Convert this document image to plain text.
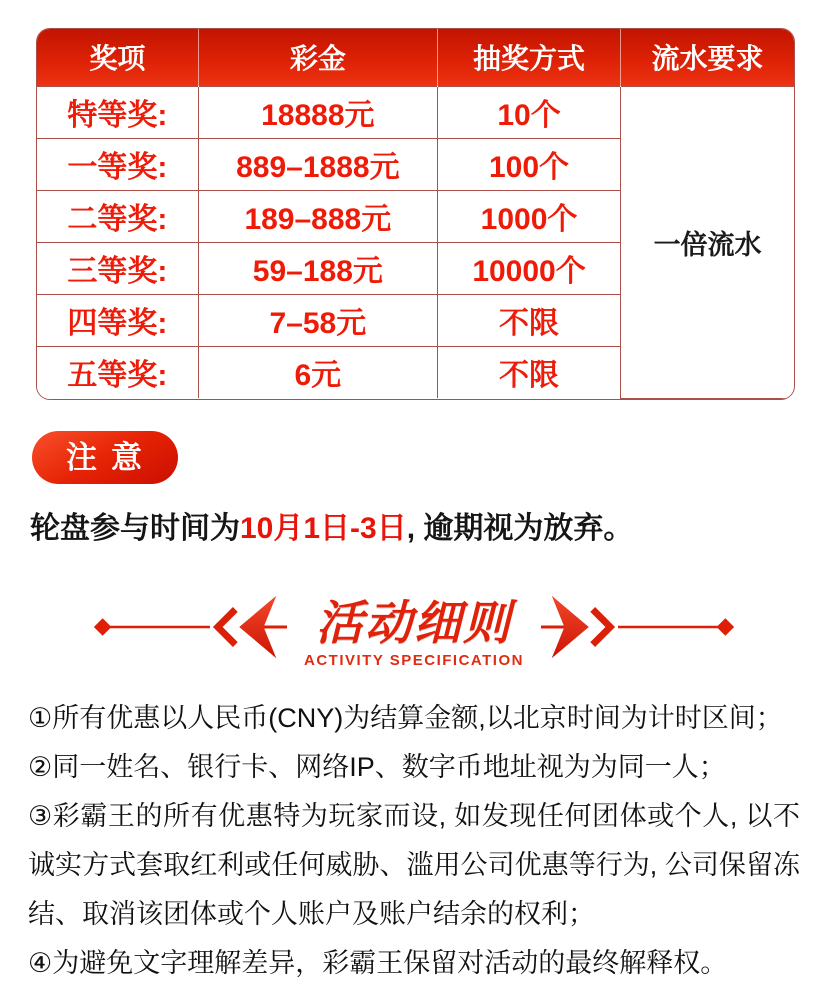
奖项	彩金	抽奖方式	流水要求
特等奖:	18888元	10个	一倍流水
一等奖:	889–1888元	100个	
二等奖:	189–888元	1000个	
三等奖:	59–188元	10000个	
四等奖:	7–58元	不限	
五等奖:	6元	不限	
注意

轮盘参与时间为10月1日-3日, 逾期视为放弃。

活动细则
ACTIVITY SPECIFICATION

①所有优惠以人民币(CNY)为结算金额,以北京时间为计时区间；

②同一姓名、银行卡、网络IP、数字币地址视为为同一人；

③彩霸王的所有优惠特为玩家而设, 如发现任何团体或个人, 以不诚实方式套取红利或任何威胁、滥用公司优惠等行为, 公司保留冻结、取消该团体或个人账户及账户结余的权利；

④为避免文字理解差异，彩霸王保留对活动的最终解释权。
